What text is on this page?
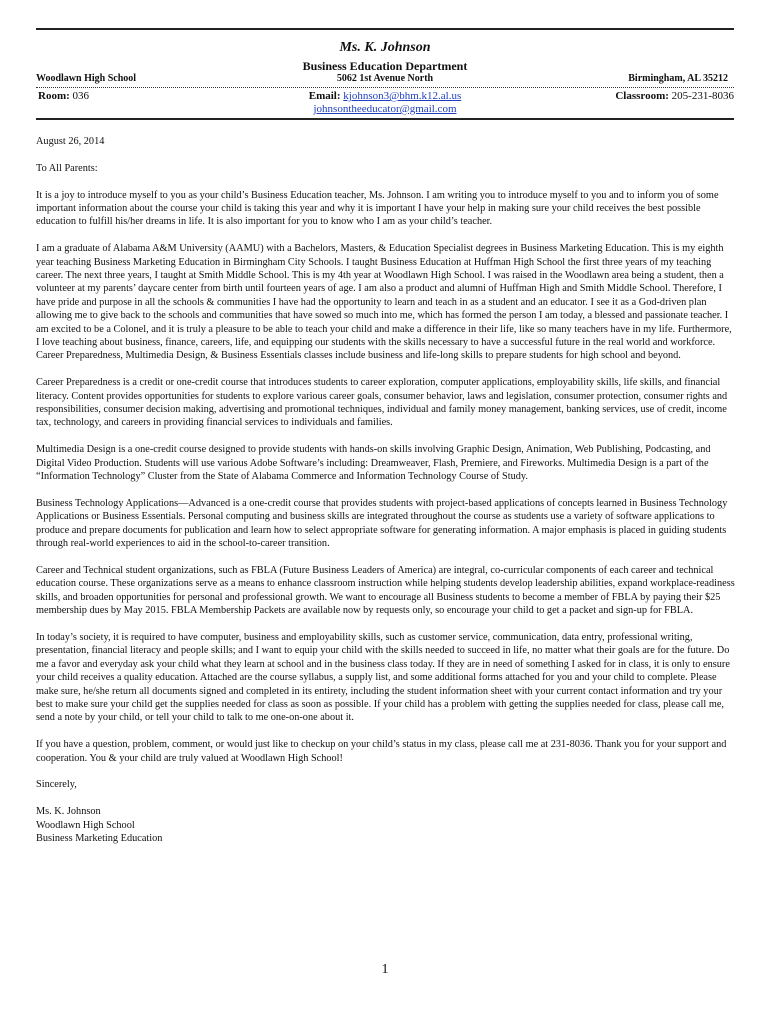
Ms. K. Johnson
Business Education Department
Woodlawn High School	5062 1st Avenue North	Birmingham, AL 35212
Room: 036	Email: kjohnson3@bhm.k12.al.us	Classroom: 205-231-8036
johnsontheeducator@gmail.com

August 26, 2014

To All Parents:

It is a joy to introduce myself to you as your child’s Business Education teacher, Ms. Johnson. I am writing you to introduce myself to you and to inform you of some important information about the course your child is taking this year and why it is important I have your help in making sure your child receives the best possible education to fulfill his/her dreams in life. It is also important for you to know who I am as your child’s teacher.

I am a graduate of Alabama A&M University (AAMU) with a Bachelors, Masters, & Education Specialist degrees in Business Marketing Education. This is my eighth year teaching Business Marketing Education in Birmingham City Schools. I taught Business Education at Huffman High School the first three years of my teaching career. The next three years, I taught at Smith Middle School. This is my 4th year at Woodlawn High School. I was raised in the Woodlawn area being a student, then a volunteer at my parents’ daycare center from birth until fourteen years of age. I am also a product and alumni of Huffman High and Smith Middle School. Therefore, I have pride and purpose in all the schools & communities I have had the opportunity to learn and teach in as a student and an educator. I see it as a God-driven plan allowing me to give back to the schools and communities that have sowed so much into me, which has formed the person I am today, a blessed and passionate teacher. I am excited to be a Colonel, and it is truly a pleasure to be able to teach your child and make a difference in their life, like so many teachers have in my life. Furthermore, I love teaching about business, finance, careers, life, and equipping our students with the skills necessary to have a successful future in the real world and workforce. Career Preparedness, Multimedia Design, & Business Essentials classes include business and life-long skills to prepare students for high school and beyond.

Career Preparedness is a credit or one-credit course that introduces students to career exploration, computer applications, employability skills, life skills, and financial literacy. Content provides opportunities for students to explore various career goals, consumer behavior, laws and legislation, consumer protection, consumer rights and responsibilities, consumer decision making, advertising and promotional techniques, individual and family money management, banking services, use of credit, income tax, technology, and careers in providing financial services to individuals and families.

Multimedia Design is a one-credit course designed to provide students with hands-on skills involving Graphic Design, Animation, Web Publishing, Podcasting, and Digital Video Production. Students will use various Adobe Software’s including: Dreamweaver, Flash, Premiere, and Fireworks. Multimedia Design is a part of the “Information Technology” Cluster from the State of Alabama Commerce and Information Technology Course of Study.

Business Technology Applications—Advanced is a one-credit course that provides students with project-based applications of concepts learned in Business Technology Applications or Business Essentials. Personal computing and business skills are integrated throughout the course as students use a variety of software applications to produce and prepare documents for publication and learn how to select appropriate software for generating information. A major emphasis is placed in guiding students through real-world experiences to aid in the school-to-career transition.

Career and Technical student organizations, such as FBLA (Future Business Leaders of America) are integral, co-curricular components of each career and technical education course. These organizations serve as a means to enhance classroom instruction while helping students develop leadership abilities, expand workplace-readiness skills, and broaden opportunities for personal and professional growth. We want to encourage all Business students to become a member of FBLA by paying their $25 membership dues by May 2015. FBLA Membership Packets are available now by requests only, so encourage your child to get a packet and sign-up for FBLA.

In today’s society, it is required to have computer, business and employability skills, such as customer service, communication, data entry, professional writing, presentation, financial literacy and people skills; and I want to equip your child with the skills needed to succeed in life, no matter what their goals are for the future. Do me a favor and everyday ask your child what they learn at school and in the business class today. If they are in need of something I asked for in class, it is only to ensure your child receives a quality education. Attached are the course syllabus, a supply list, and some additional forms attached for you and your child to complete. Please make sure, he/she return all documents signed and completed in its entirety, including the student information sheet with your current contact information and try your best to make sure your child get the supplies needed for class as soon as possible. If your child has a problem with getting the supplies needed for class, please call me, send a note by your child, or tell your child to talk to me one-on-one about it.

If you have a question, problem, comment, or would just like to checkup on your child’s status in my class, please call me at 231-8036. Thank you for your support and cooperation. You & your child are truly valued at Woodlawn High School!

Sincerely,

Ms. K. Johnson
Woodlawn High School
Business Marketing Education
1
